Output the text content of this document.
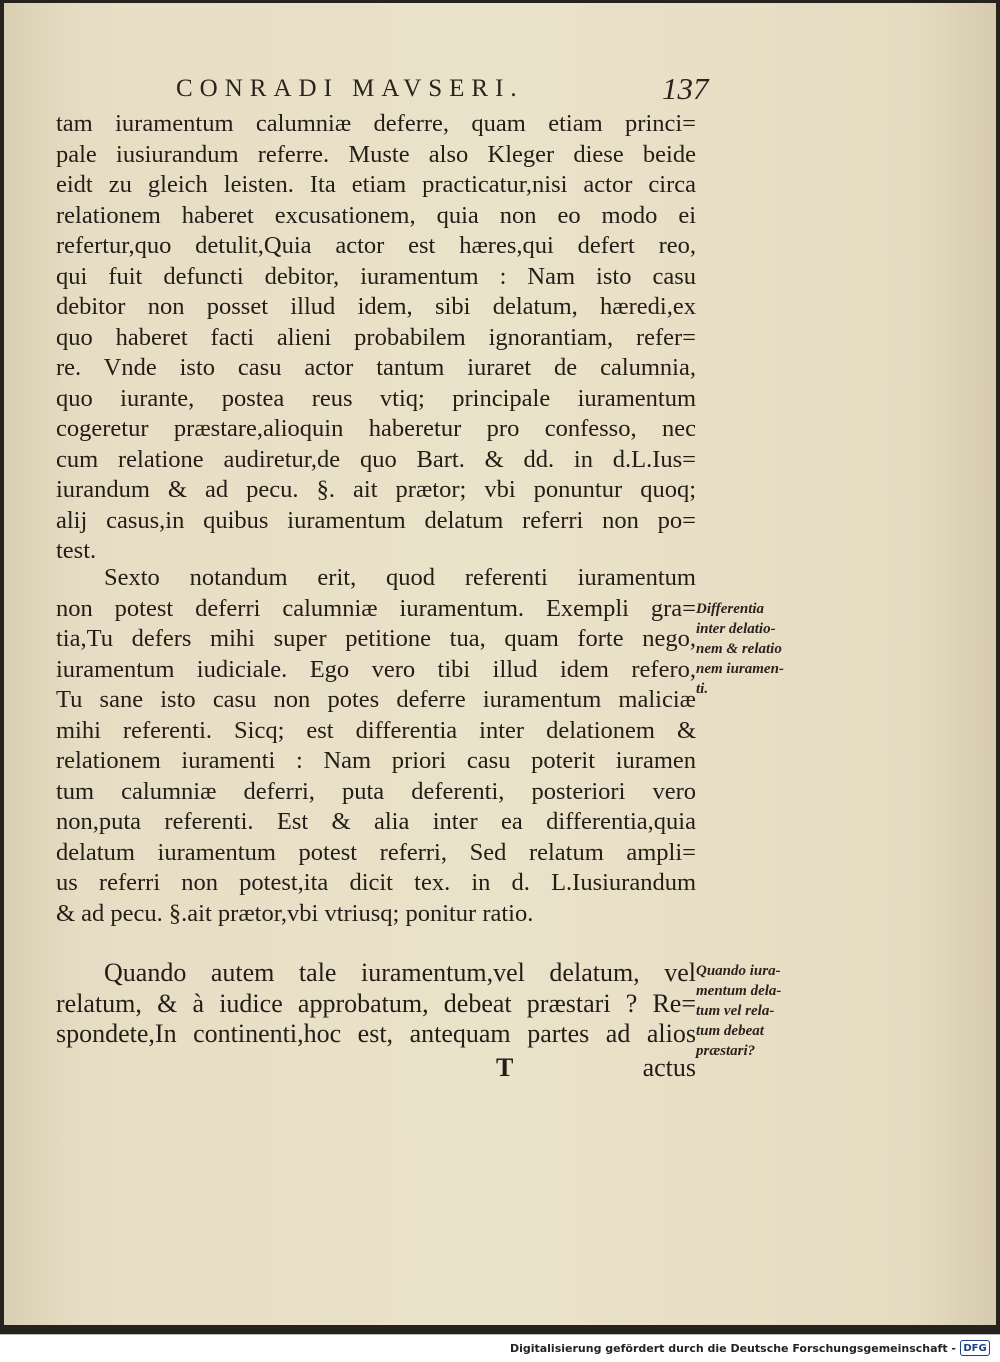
CONRADI MAVSERI.	137
tam iuramentum calumniæ deferre, quam etiam princi=
pale iusiurandum referre. Muste also Kleger diese beide
eidt zu gleich leisten. Ita etiam practicatur,nisi actor circa
relationem haberet excusationem, quia non eo modo ei
refertur,quo detulit,Quia actor est hæres,qui defert reo,
qui fuit defuncti debitor, iuramentum : Nam isto casu
debitor non posset illud idem, sibi delatum, hæredi,ex
quo haberet facti alieni probabilem ignorantiam, refer=
re. Vnde isto casu actor tantum iuraret de calumnia,
quo iurante, postea reus vtiq; principale iuramentum
cogeretur præstare,alioquin haberetur pro confesso, nec
cum relatione audiretur,de quo Bart. & dd. in d.L.Ius=
iurandum & ad pecu. §. ait prætor; vbi ponuntur quoq;
alij casus,in quibus iuramentum delatum referri non po=
test.
Sexto notandum erit, quod referenti iuramentum
non potest deferri calumniæ iuramentum. Exempli gra=
tia,Tu defers mihi super petitione tua, quam forte nego,
iuramentum iudiciale. Ego vero tibi illud idem refero,
Tu sane isto casu non potes deferre iuramentum maliciæ
mihi referenti. Sicq; est differentia inter delationem &
relationem iuramenti : Nam priori casu poterit iuramen
tum calumniæ deferri, puta deferenti, posteriori vero
non,puta referenti. Est & alia inter ea differentia,quia
delatum iuramentum potest referri, Sed relatum ampli=
us referri non potest,ita dicit tex. in d. L.Iusiurandum
& ad pecu. §.ait prætor,vbi vtriusq; ponitur ratio.
Quando autem tale iuramentum,vel delatum, vel
relatum, & à iudice approbatum, debeat præstari ? Re=
spondete,In continenti,hoc est, antequam partes ad alios
T	actus
Differentia
inter delatio-
nem & relatio
nem iuramen-
ti.
Quando iura-
mentum dela-
tum vel rela-
tum debeat
præstari?
Digitalisierung gefördert durch die Deutsche Forschungsgemeinschaft - DFG
